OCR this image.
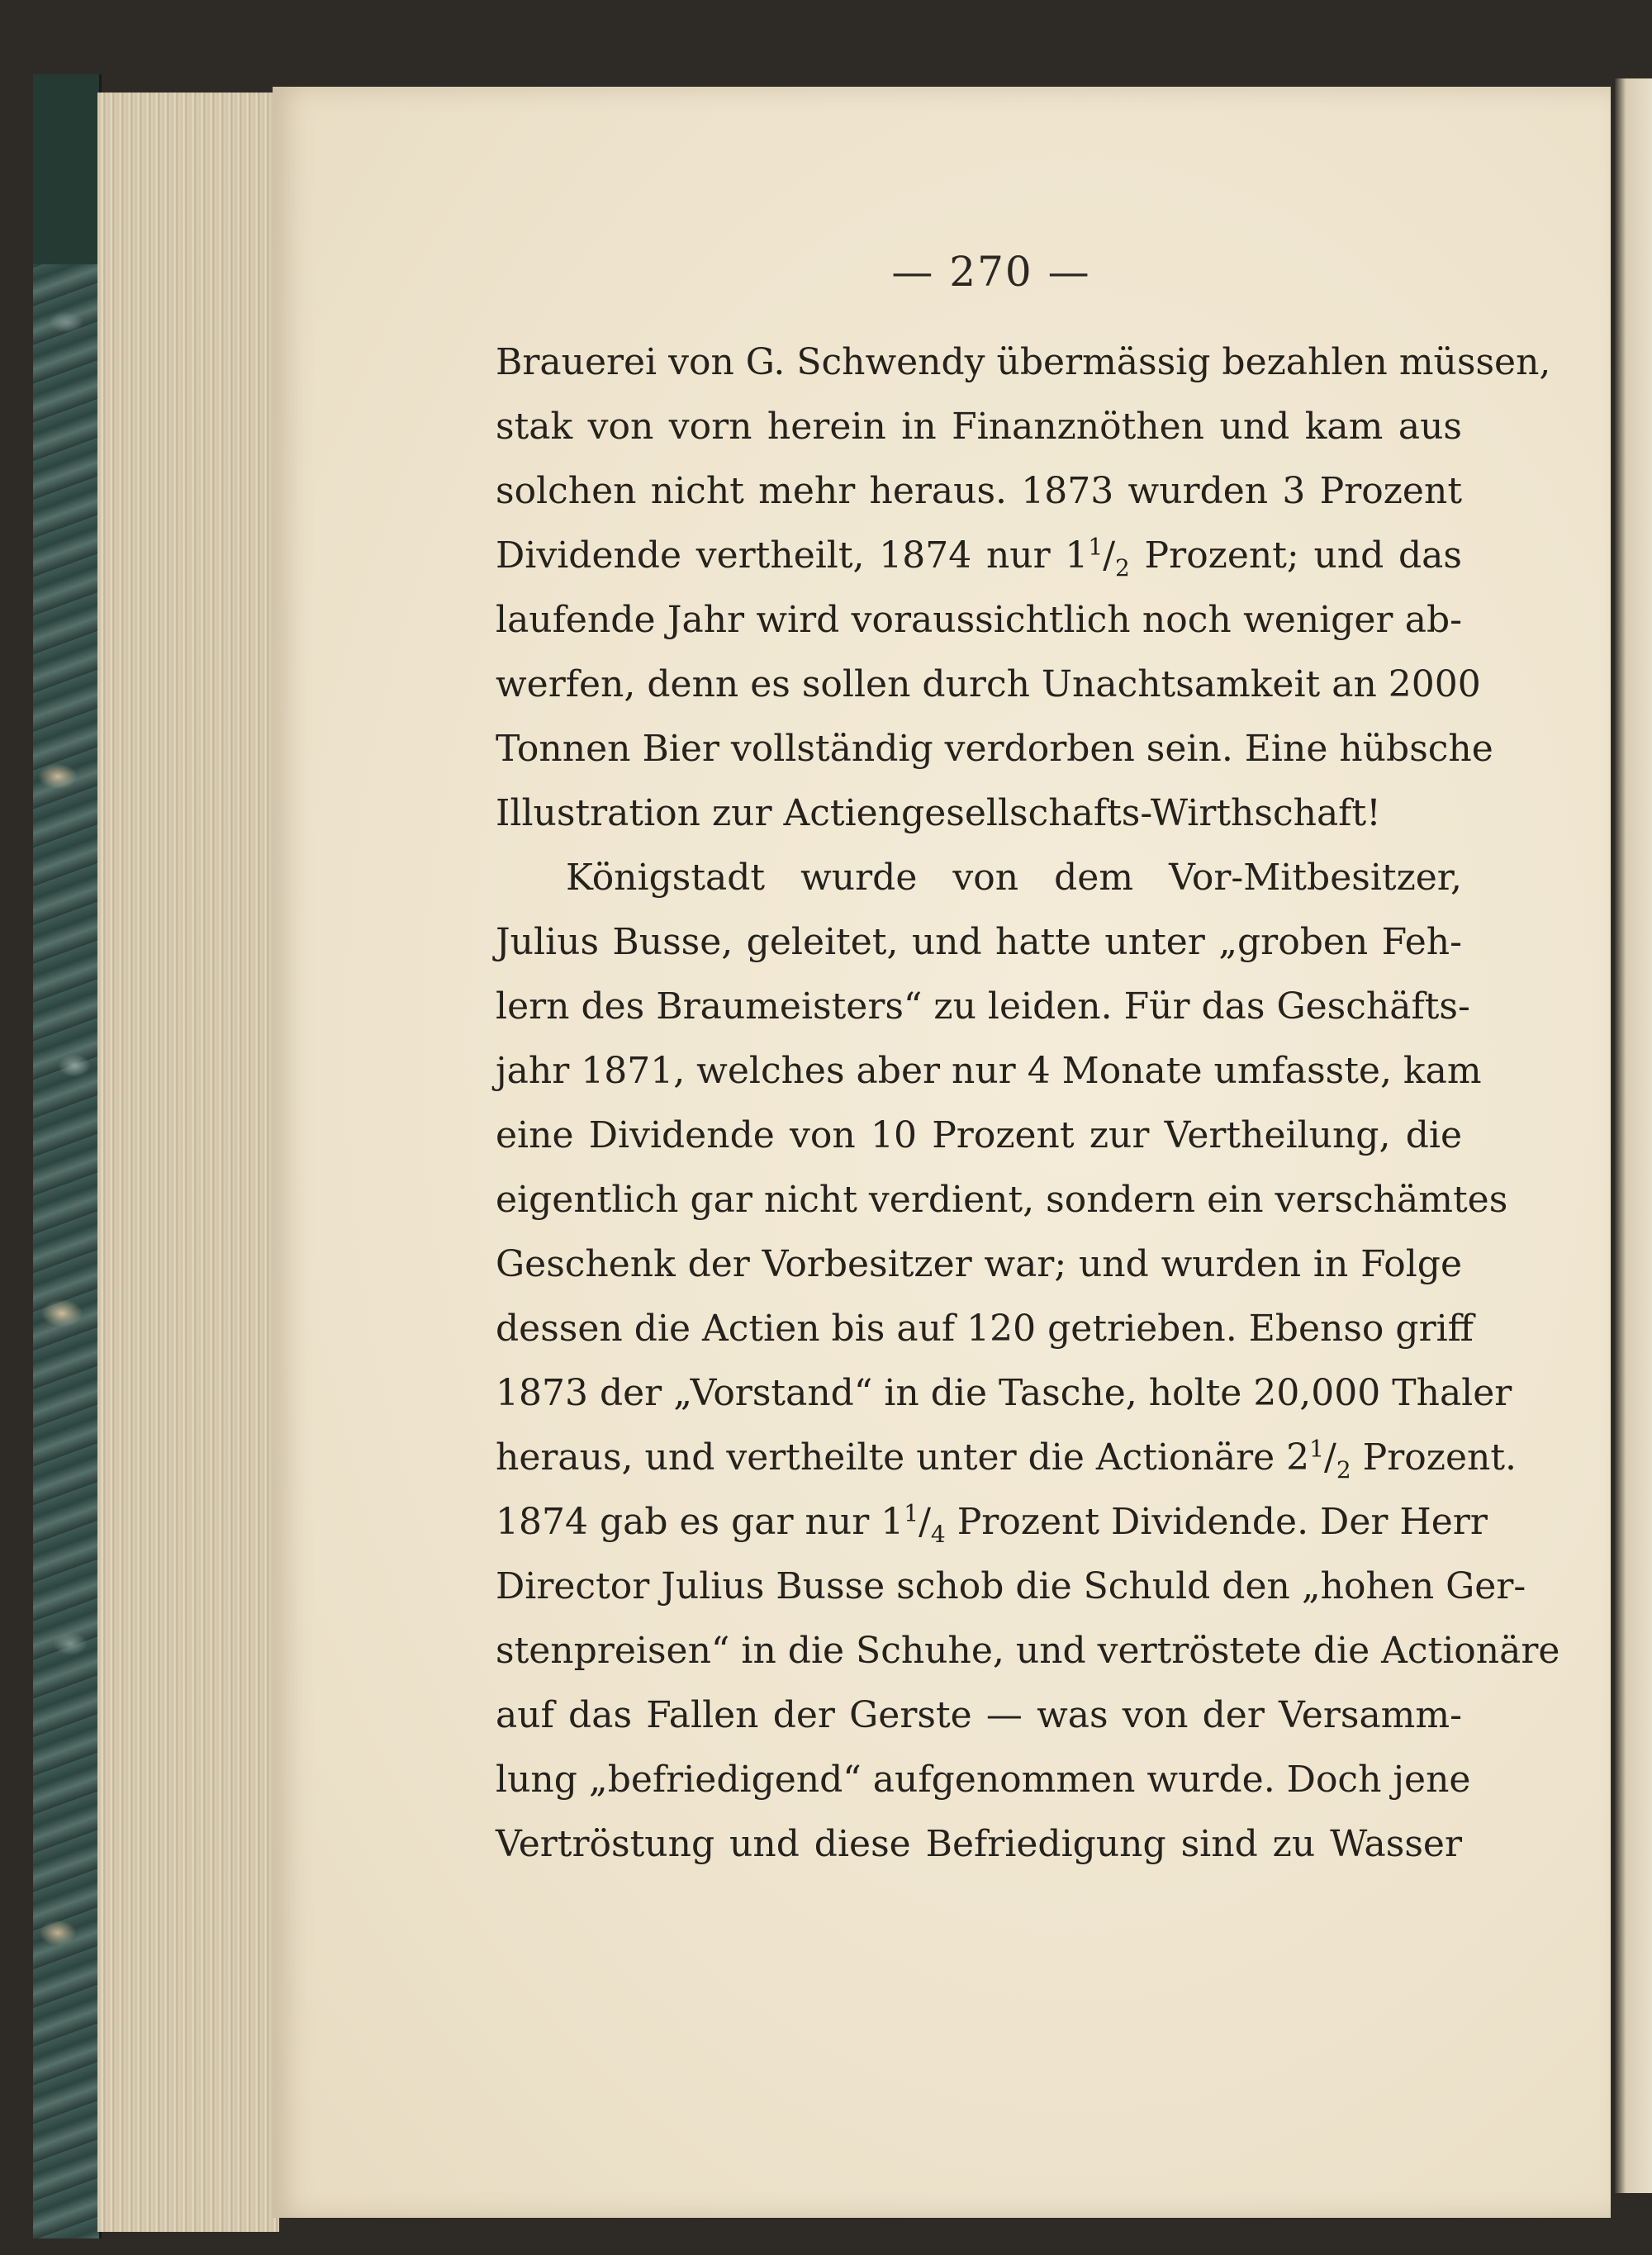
— 270 —
Brauerei von G. Schwendy übermässig bezahlen müssen,
stak von vorn herein in Finanznöthen und kam aus
solchen nicht mehr heraus. 1873 wurden 3 Prozent
Dividende vertheilt, 1874 nur $1^1/_2$ Prozent; und das
laufende Jahr wird voraussichtlich noch weniger ab-
werfen, denn es sollen durch Unachtsamkeit an 2000
Tonnen Bier vollständig verdorben sein. Eine hübsche
Illustration zur Actiengesellschafts-Wirthschaft!
Königstadt wurde von dem Vor-Mitbesitzer,
Julius Busse, geleitet, und hatte unter „groben Feh-
lern des Braumeisters“ zu leiden. Für das Geschäfts-
jahr 1871, welches aber nur 4 Monate umfasste, kam
eine Dividende von 10 Prozent zur Vertheilung, die
eigentlich gar nicht verdient, sondern ein verschämtes
Geschenk der Vorbesitzer war; und wurden in Folge
dessen die Actien bis auf 120 getrieben. Ebenso griff
1873 der „Vorstand“ in die Tasche, holte 20,000 Thaler
heraus, und vertheilte unter die Actionäre $2^1/_2$ Prozent.
1874 gab es gar nur $1^1/_4$ Prozent Dividende. Der Herr
Director Julius Busse schob die Schuld den „hohen Ger-
stenpreisen“ in die Schuhe, und vertröstete die Actionäre
auf das Fallen der Gerste — was von der Versamm-
lung „befriedigend“ aufgenommen wurde. Doch jene
Vertröstung und diese Befriedigung sind zu Wasser
